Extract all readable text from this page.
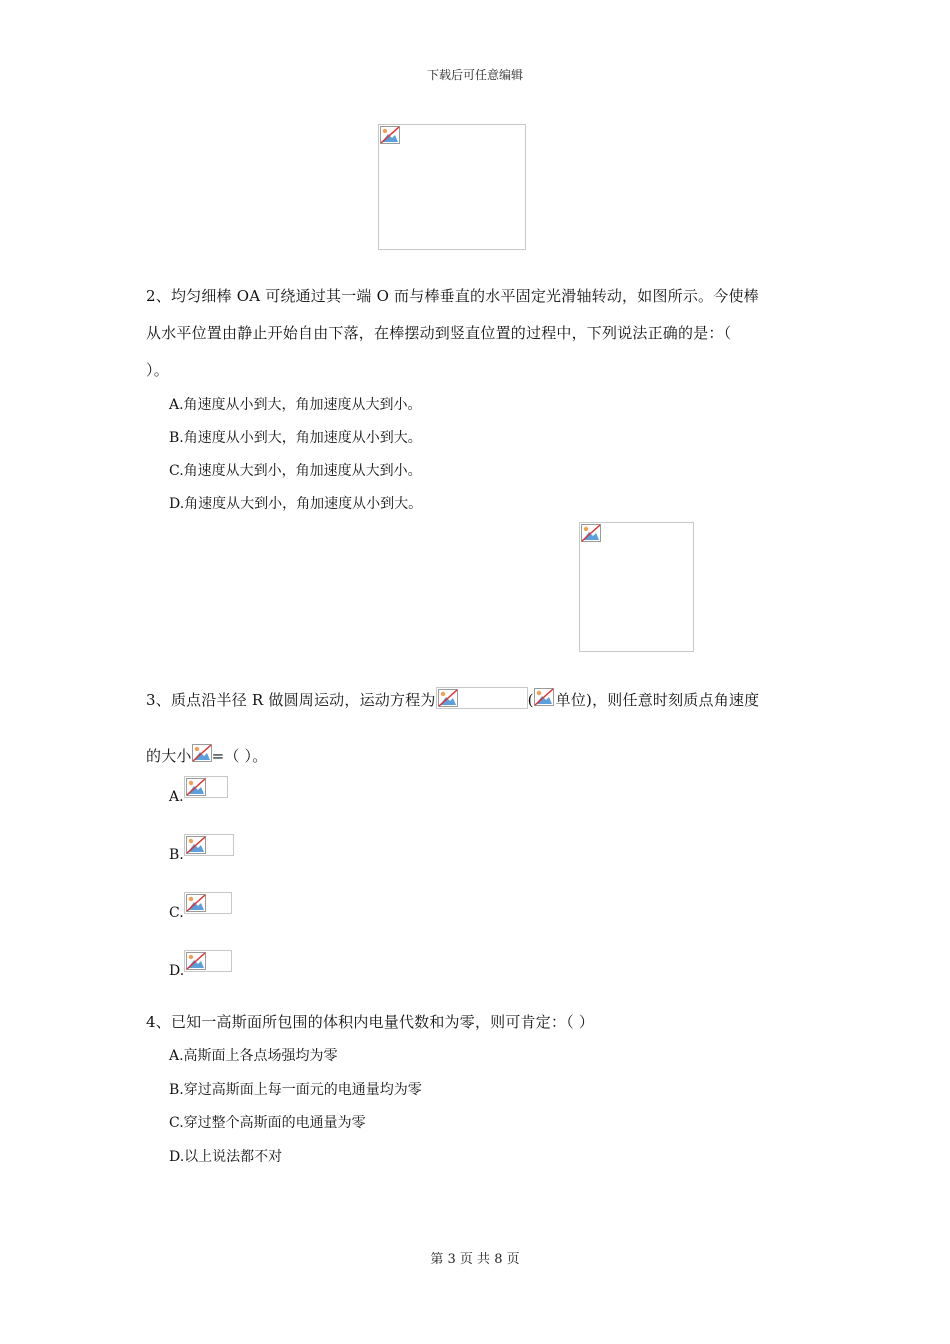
下载后可任意编辑
2、均匀细棒 OA 可绕通过其一端 O 而与棒垂直的水平固定光滑轴转动，如图所示。今使棒
从水平位置由静止开始自由下落，在棒摆动到竖直位置的过程中，下列说法正确的是：（
）。
A.角速度从小到大，角加速度从大到小。
B.角速度从小到大，角加速度从小到大。
C.角速度从大到小，角加速度从大到小。
D.角速度从大到小，角加速度从小到大。
3、质点沿半径 R 做圆周运动，运动方程为	( 单位)，则任意时刻质点角速度
的大小 =（ ）。
A.
B.
C.
D.
4、已知一高斯面所包围的体积内电量代数和为零，则可肯定：（ ）
A.高斯面上各点场强均为零
B.穿过高斯面上每一面元的电通量均为零
C.穿过整个高斯面的电通量为零
D.以上说法都不对
第 3 页 共 8 页
